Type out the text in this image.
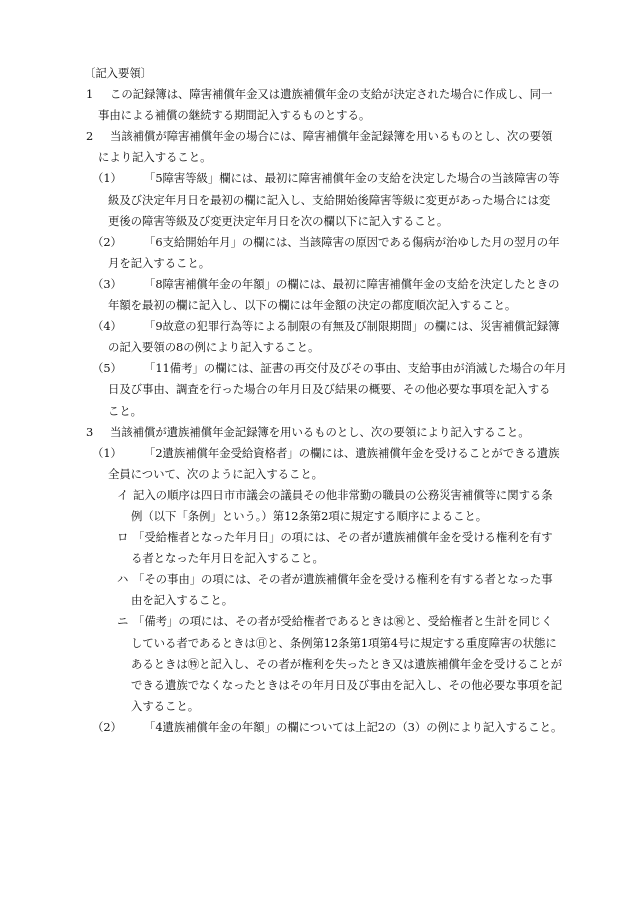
〔記入要領〕
この記録簿は、障害補償年金又は遺族補償年金の支給が決定された場合に作成し、同一
1
事由による補償の継続する期間記入するものとする。
当該補償が障害補償年金の場合には、障害補償年金記録簿を用いるものとし、次の要領
2
により記入すること。
「5障害等級」欄には、最初に障害補償年金の支給を決定した場合の当該障害の等
（1）
級及び決定年月日を最初の欄に記入し、支給開始後障害等級に変更があった場合には変
更後の障害等級及び変更決定年月日を次の欄以下に記入すること。
「6支給開始年月」の欄には、当該障害の原因である傷病が治ゆした月の翌月の年
（2）
月を記入すること。
「8障害補償年金の年額」の欄には、最初に障害補償年金の支給を決定したときの
（3）
年額を最初の欄に記入し、以下の欄には年金額の決定の都度順次記入すること。
「9故意の犯罪行為等による制限の有無及び制限期間」の欄には、災害補償記録簿
（4）
の記入要領の8の例により記入すること。
「11備考」の欄には、証書の再交付及びその事由、支給事由が消滅した場合の年月
（5）
日及び事由、調査を行った場合の年月日及び結果の概要、その他必要な事項を記入する
こと。
当該補償が遺族補償年金記録簿を用いるものとし、次の要領により記入すること。
3
「2遺族補償年金受給資格者」の欄には、遺族補償年金を受けることができる遺族
（1）
全員について、次のように記入すること。
記入の順序は四日市市議会の議員その他非常勤の職員の公務災害補償等に関する条
イ
例（以下「条例」という。）第12条第2項に規定する順序によること。
「受給権者となった年月日」の項には、その者が遺族補償年金を受ける権利を有す
ロ
る者となった年月日を記入すること。
「その事由」の項には、その者が遺族補償年金を受ける権利を有する者となった事
ハ
由を記入すること。
「備考」の項には、その者が受給権者であるときは㊗と、受給権者と生計を同じく
ニ
している者であるときは㊐と、条例第12条第1項第4号に規定する重度障害の状態に
あるときは㊕と記入し、その者が権利を失ったとき又は遺族補償年金を受けることが
できる遺族でなくなったときはその年月日及び事由を記入し、その他必要な事項を記
入すること。
「4遺族補償年金の年額」の欄については上記2の（3）の例により記入すること。
（2）
